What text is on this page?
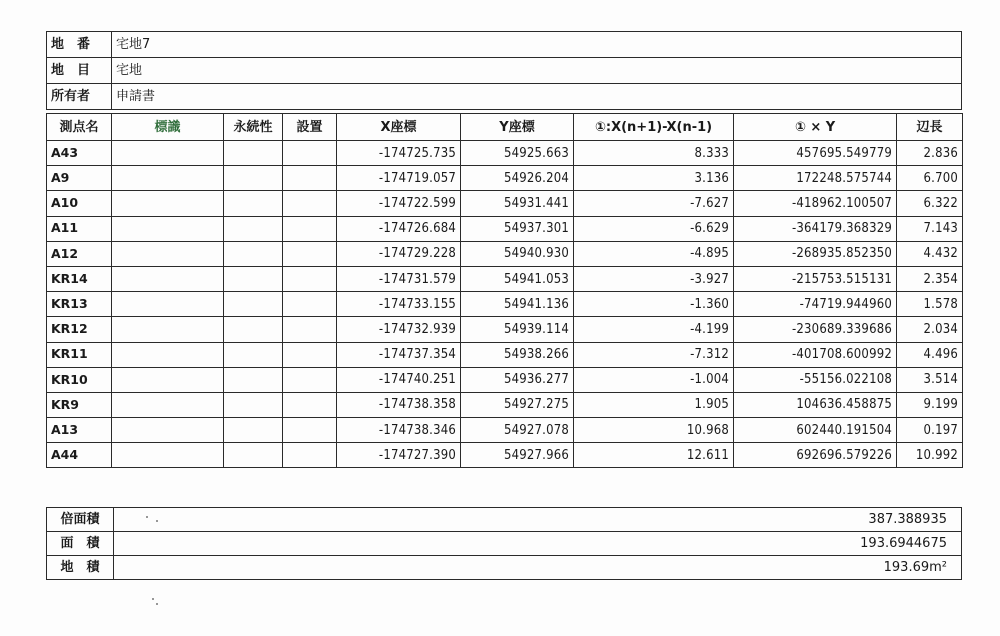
地　番	宅地7
地　目	宅地
所有者	申請書
測点名	標識	永続性	設置	X座標	Y座標	①:X(n+1)-X(n-1)	① × Y	辺長
A43				-174725.735	54925.663	8.333	457695.549779	2.836
A9				-174719.057	54926.204	3.136	172248.575744	6.700
A10				-174722.599	54931.441	-7.627	-418962.100507	6.322
A11				-174726.684	54937.301	-6.629	-364179.368329	7.143
A12				-174729.228	54940.930	-4.895	-268935.852350	4.432
KR14				-174731.579	54941.053	-3.927	-215753.515131	2.354
KR13				-174733.155	54941.136	-1.360	-74719.944960	1.578
KR12				-174732.939	54939.114	-4.199	-230689.339686	2.034
KR11				-174737.354	54938.266	-7.312	-401708.600992	4.496
KR10				-174740.251	54936.277	-1.004	-55156.022108	3.514
KR9				-174738.358	54927.275	1.905	104636.458875	9.199
A13				-174738.346	54927.078	10.968	602440.191504	0.197
A44				-174727.390	54927.966	12.611	692696.579226	10.992
倍面積	387.388935
面　積	193.6944675
地　積	193.69m²
